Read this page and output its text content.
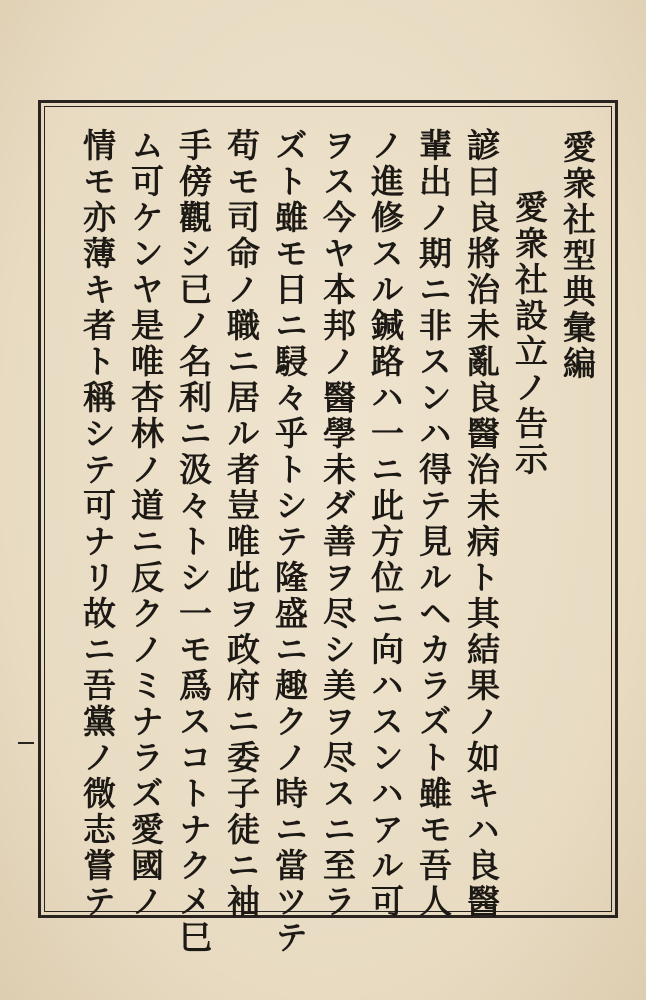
愛衆社型典彙編
愛衆社設立ノ告示
諺曰良將治未亂良醫治未病ト其結果ノ如キハ良醫
輩出ノ期ニ非スンハ得テ見ルヘカラズト雖モ吾人
ノ進修スル鍼路ハ一ニ此方位ニ向ハスンハアル可
ヲス今ヤ本邦ノ醫學未ダ善ヲ尽シ美ヲ尽スニ至ラ
ズト雖モ日ニ駸々乎トシテ隆盛ニ趣クノ時ニ當ツテ
苟モ司命ノ職ニ居ル者豈唯此ヲ政府ニ委子徒ニ袖
手傍觀シ已ノ名利ニ汲々トシ一モ爲スコトナクメ巳
ム可ケンヤ是唯杏林ノ道ニ反クノミナラズ愛國ノ
情モ亦薄キ者ト稱シテ可ナリ故ニ吾黨ノ微志嘗テ
